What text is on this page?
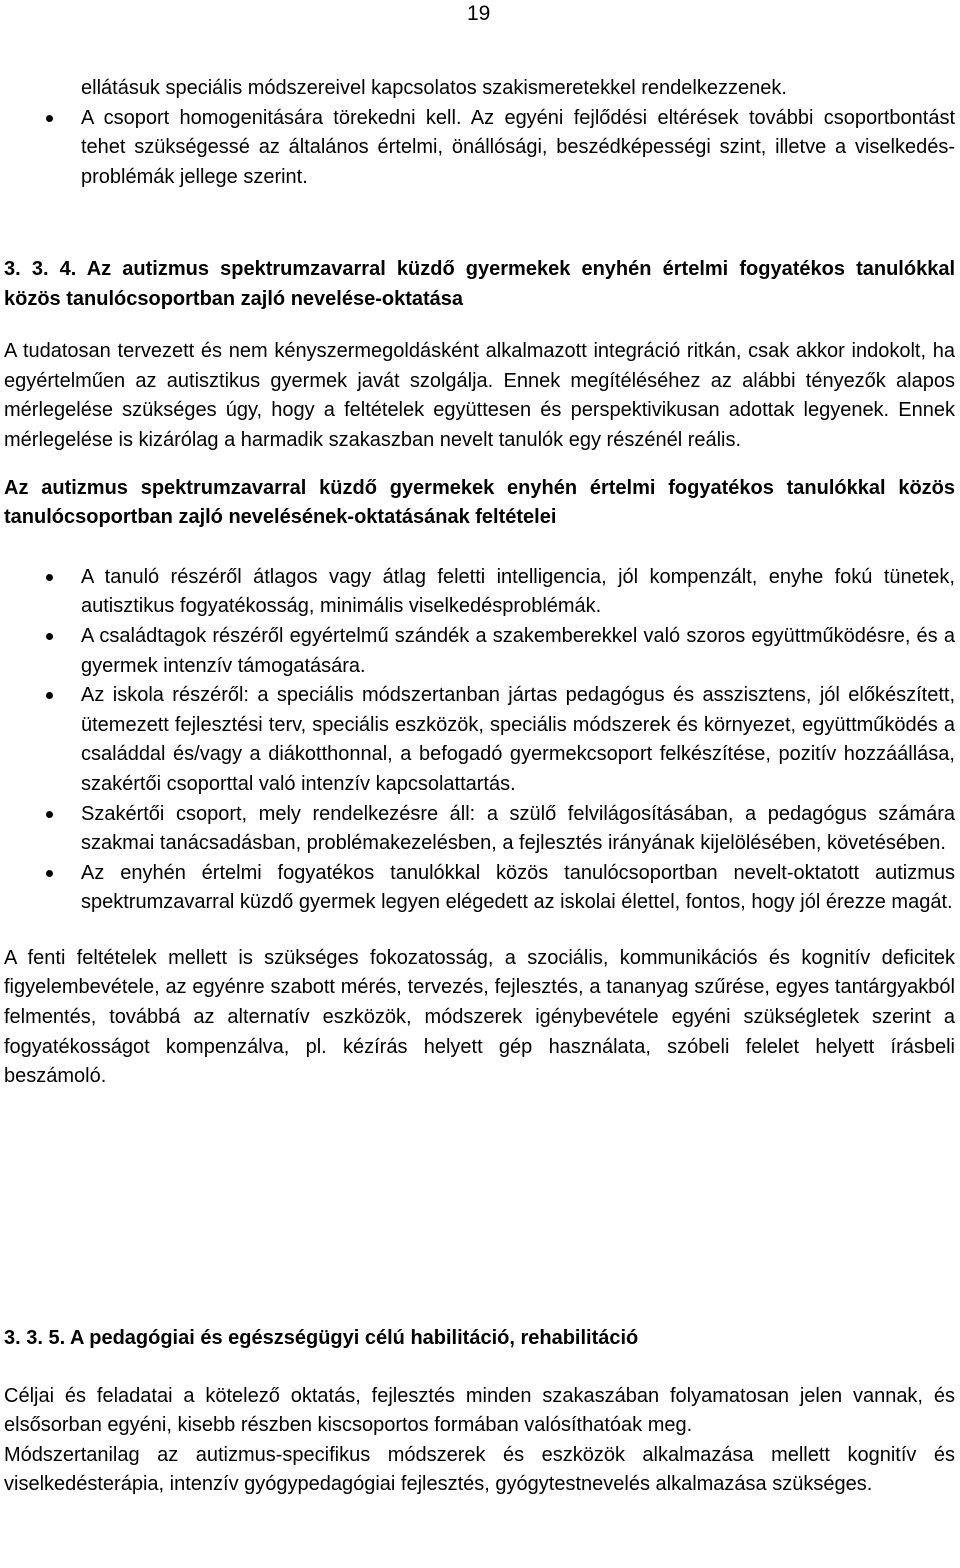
19
ellátásuk speciális módszereivel kapcsolatos szakismeretekkel rendelkezzenek.
A csoport homogenitására törekedni kell. Az egyéni fejlődési eltérések további csoportbontást tehet szükségessé az általános értelmi, önállósági, beszédképességi szint, illetve a viselkedés-problémák jellege szerint.
3. 3. 4. Az autizmus spektrumzavarral küzdő gyermekek enyhén értelmi fogyatékos tanulókkal közös tanulócsoportban zajló nevelése-oktatása
A tudatosan tervezett és nem kényszermegoldásként alkalmazott integráció ritkán, csak akkor indokolt, ha egyértelműen az autisztikus gyermek javát szolgálja. Ennek megítéléséhez az alábbi tényezők alapos mérlegelése szükséges úgy, hogy a feltételek együttesen és perspektivikusan adottak legyenek. Ennek mérlegelése is kizárólag a harmadik szakaszban nevelt tanulók egy részénél reális.
Az autizmus spektrumzavarral küzdő gyermekek enyhén értelmi fogyatékos tanulókkal közös tanulócsoportban zajló nevelésének-oktatásának feltételei
A tanuló részéről átlagos vagy átlag feletti intelligencia, jól kompenzált, enyhe fokú tünetek, autisztikus fogyatékosság, minimális viselkedésproblémák.
A családtagok részéről egyértelmű szándék a szakemberekkel való szoros együttműködésre, és a gyermek intenzív támogatására.
Az iskola részéről: a speciális módszertanban jártas pedagógus és asszisztens, jól előkészített, ütemezett fejlesztési terv, speciális eszközök, speciális módszerek és környezet, együttműködés a családdal és/vagy a diákotthonnal, a befogadó gyermekcsoport felkészítése, pozitív hozzáállása, szakértői csoporttal való intenzív kapcsolattartás.
Szakértői csoport, mely rendelkezésre áll: a szülő felvilágosításában, a pedagógus számára szakmai tanácsadásban, problémakezelésben, a fejlesztés irányának kijelölésében, követésében.
Az enyhén értelmi fogyatékos tanulókkal közös tanulócsoportban nevelt-oktatott autizmus spektrumzavarral küzdő gyermek legyen elégedett az iskolai élettel, fontos, hogy jól érezze magát.
A fenti feltételek mellett is szükséges fokozatosság, a szociális, kommunikációs és kognitív deficitek figyelembevétele, az egyénre szabott mérés, tervezés, fejlesztés, a tananyag szűrése, egyes tantárgyakból felmentés, továbbá az alternatív eszközök, módszerek igénybevétele egyéni szükségletek szerint a fogyatékosságot kompenzálva, pl. kézírás helyett gép használata, szóbeli felelet helyett írásbeli beszámoló.
3. 3. 5. A pedagógiai és egészségügyi célú habilitáció, rehabilitáció
Céljai és feladatai a kötelező oktatás, fejlesztés minden szakaszában folyamatosan jelen vannak, és elsősorban egyéni, kisebb részben kiscsoportos formában valósíthatóak meg.
Módszertanilag az autizmus-specifikus módszerek és eszközök alkalmazása mellett kognitív és viselkedésterápia, intenzív gyógypedagógiai fejlesztés, gyógytestnevelés alkalmazása szükséges.
